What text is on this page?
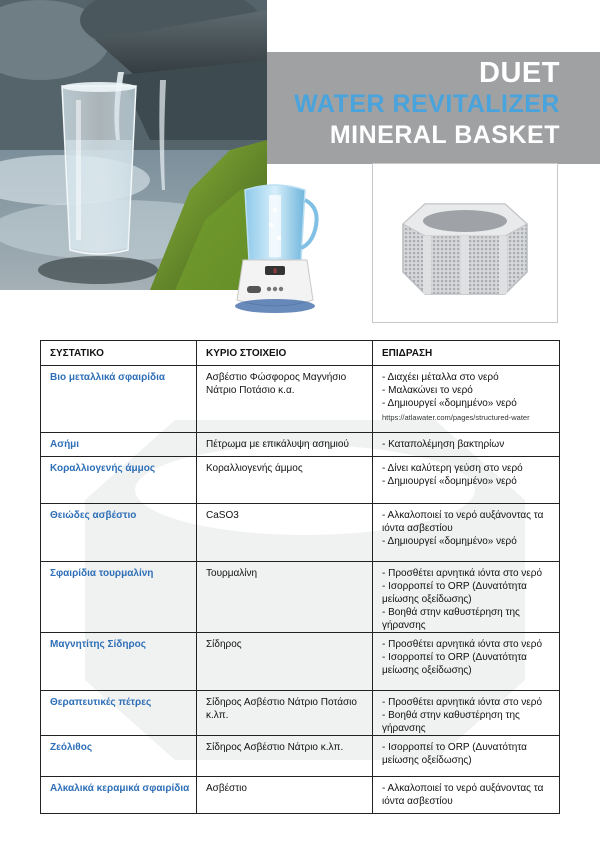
DUET
WATER REVITALIZER
MINERAL BASKET
8
ΣΥΣΤΑΤΙΚΟ	ΚΥΡΙΟ ΣΤΟΙΧΕΙΟ	ΕΠΙΔΡΑΣΗ
Βιο μεταλλικά σφαιρίδια	Ασβέστιο Φώσφορος Μαγνήσιο Νάτριο Ποτάσιο κ.α.	- Διαχέει μέταλλα στο νερό
- Μαλακώνει το νερό
- Δημιουργεί «δομημένο» νερό
https://atlawater.com/pages/structured-water

Ασήμι	Πέτρωμα με επικάλυψη ασημιού	- Καταπολέμηση βακτηρίων

Κοραλλιογενής άμμος	Κοραλλιογενής άμμος	- Δίνει καλύτερη γεύση στο νερό
- Δημιουργεί «δομημένο» νερό

Θειώδες ασβέστιο	CaSO3	- Αλκαλοποιεί το νερό αυξάνοντας τα ιόντα ασβεστίου
- Δημιουργεί «δομημένο» νερό

Σφαιρίδια τουρμαλίνη	Τουρμαλίνη	- Προσθέτει αρνητικά ιόντα στο νερό
- Ισορροπεί το ORP (Δυνατότητα μείωσης οξείδωσης)
- Βοηθά στην καθυστέρηση της γήρανσης

Μαγνητίτης Σίδηρος	Σίδηρος	- Προσθέτει αρνητικά ιόντα στο νερό
- Ισορροπεί το ORP (Δυνατότητα μείωσης οξείδωσης)

Θεραπευτικές πέτρες	Σίδηρος Ασβέστιο Νάτριο Ποτάσιο κ.λπ.	- Προσθέτει αρνητικά ιόντα στο νερό
- Βοηθά στην καθυστέρηση της γήρανσης

Ζεόλιθος	Σίδηρος Ασβέστιο Νάτριο κ.λπ.	- Ισορροπεί το ORP (Δυνατότητα μείωσης οξείδωσης)

Αλκαλικά κεραμικά σφαιρίδια	Ασβέστιο	- Αλκαλοποιεί το νερό αυξάνοντας τα ιόντα ασβεστίου
